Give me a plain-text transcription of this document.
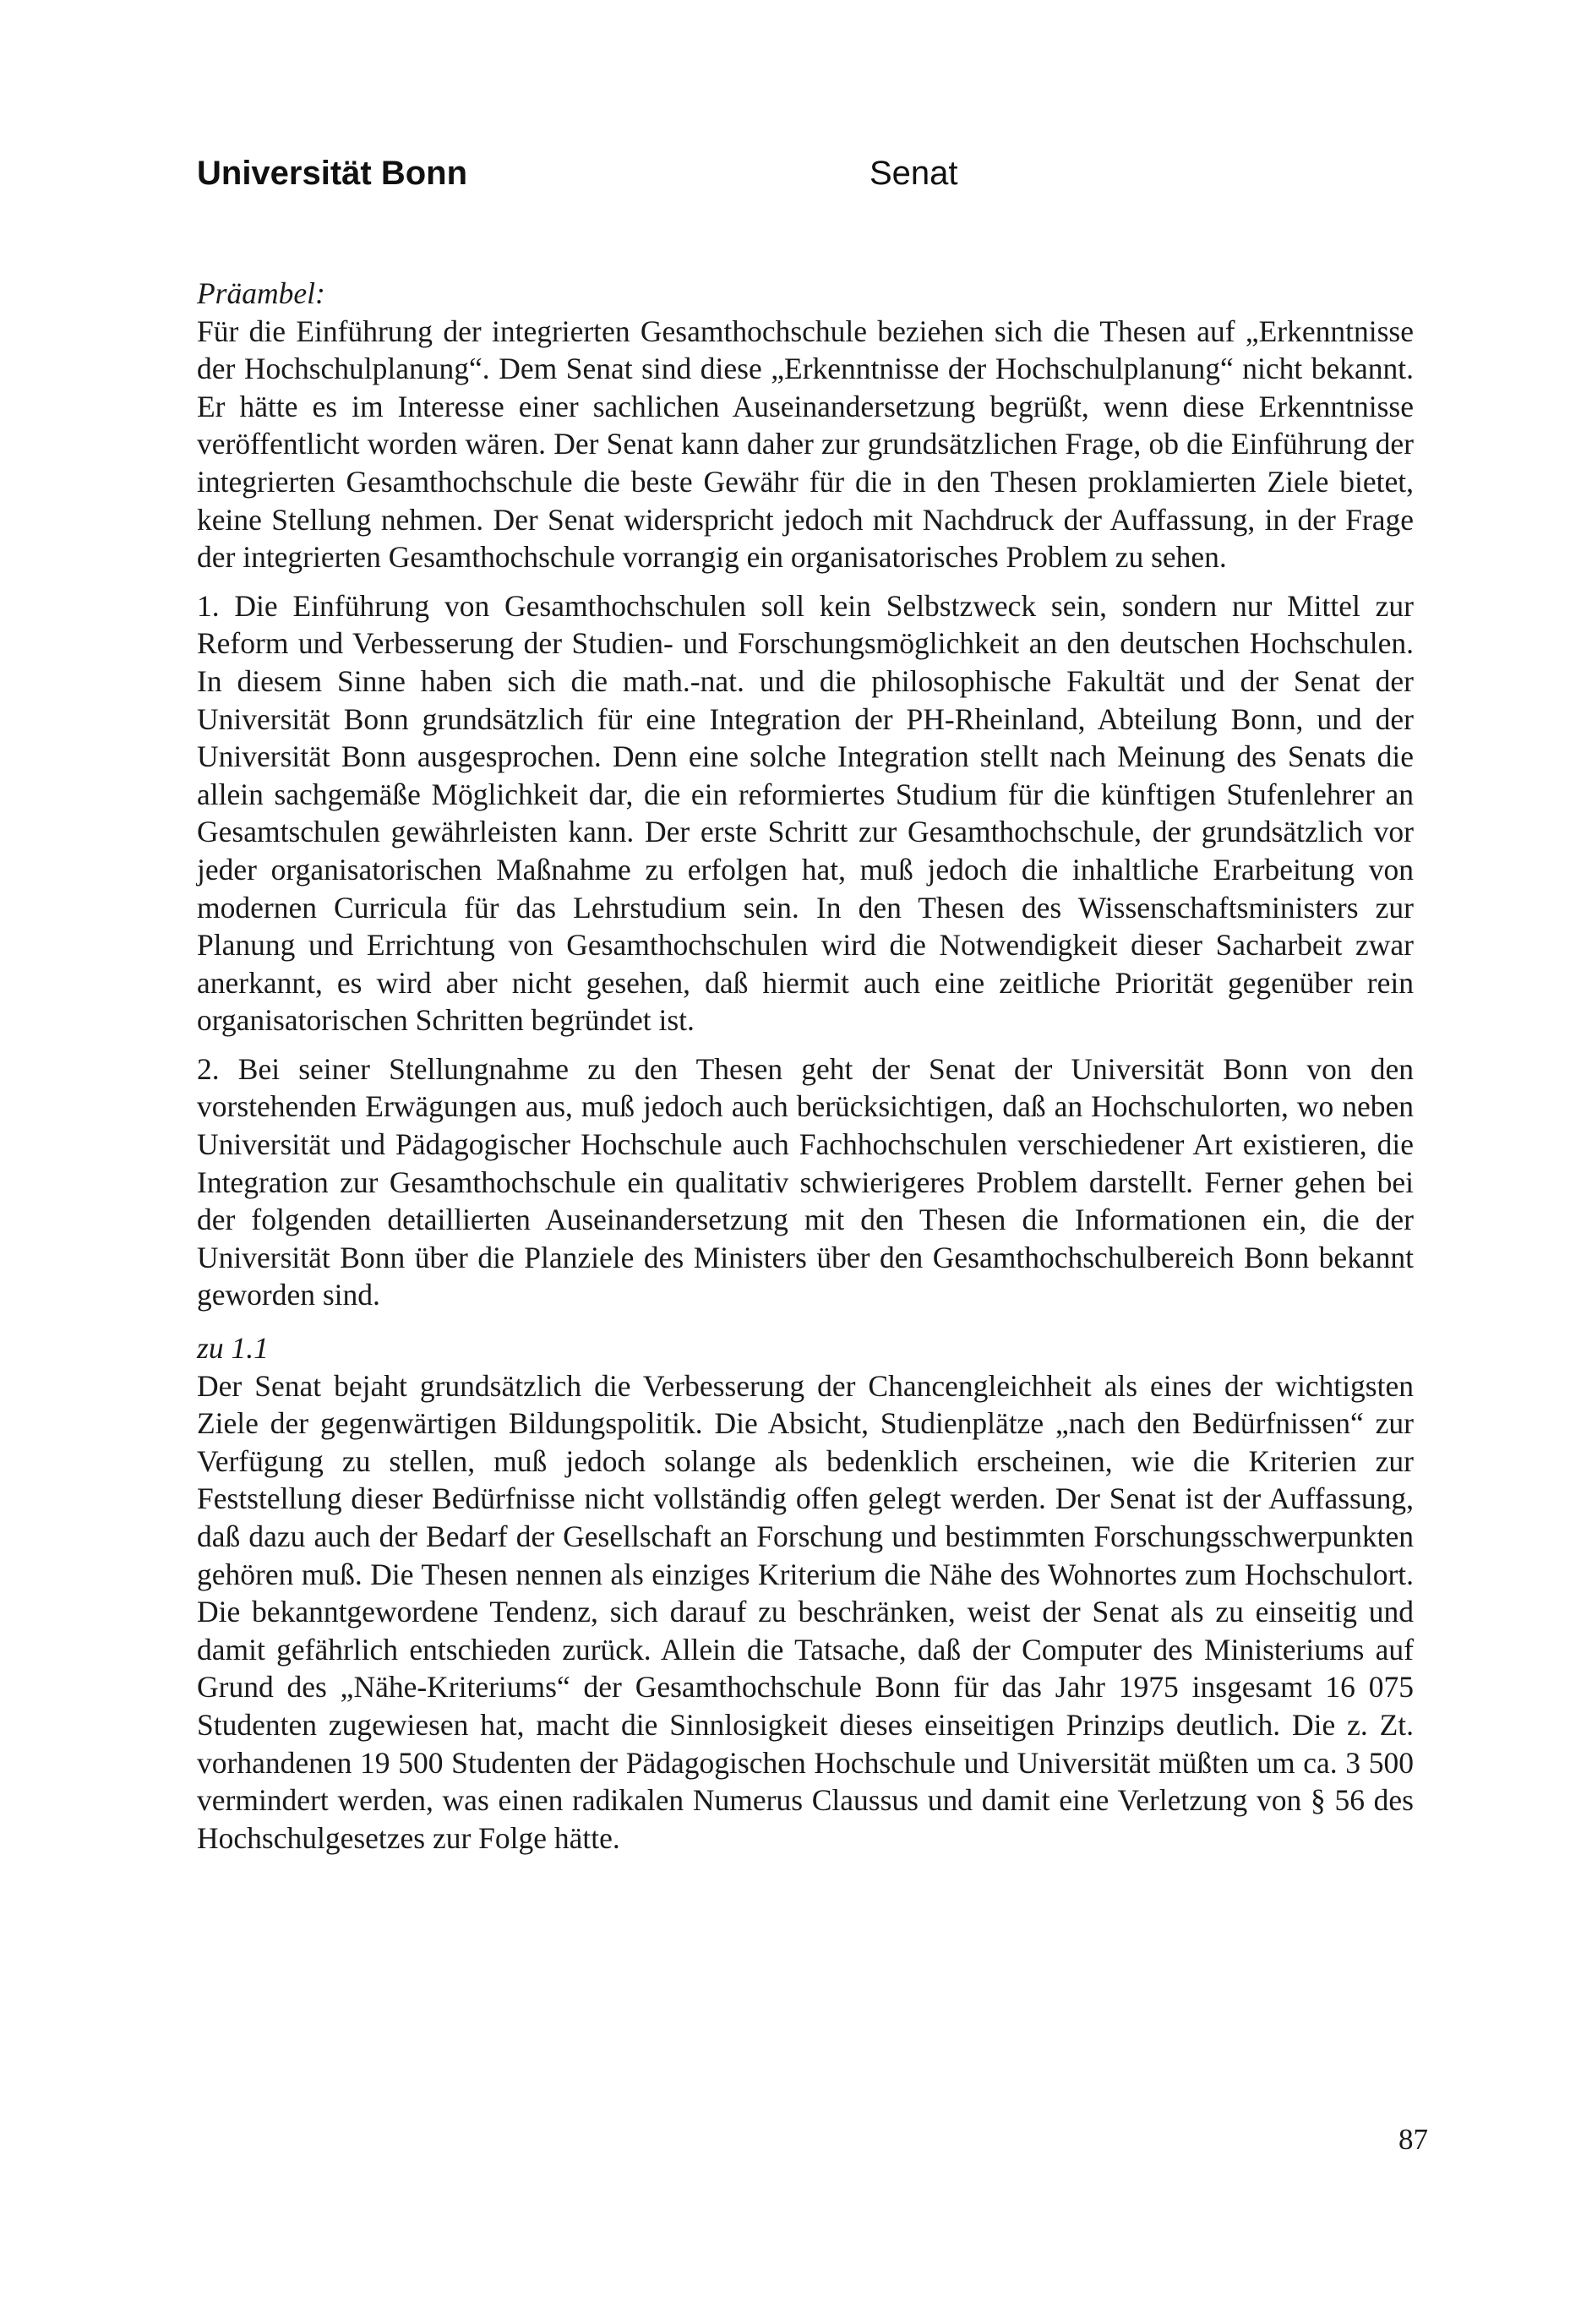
Universität Bonn	Senat

Präambel:

Für die Einführung der integrierten Gesamthochschule beziehen sich die Thesen auf „Erkenntnisse der Hochschulplanung“. Dem Senat sind diese „Erkenntnisse der Hochschulplanung“ nicht bekannt. Er hätte es im Interesse einer sachlichen Auseinandersetzung begrüßt, wenn diese Erkenntnisse veröffentlicht worden wären. Der Senat kann daher zur grundsätzlichen Frage, ob die Einführung der integrierten Gesamthochschule die beste Gewähr für die in den Thesen proklamierten Ziele bietet, keine Stellung nehmen. Der Senat widerspricht jedoch mit Nachdruck der Auffassung, in der Frage der integrierten Gesamthochschule vorrangig ein organisatorisches Problem zu sehen.

1. Die Einführung von Gesamthochschulen soll kein Selbstzweck sein, sondern nur Mittel zur Reform und Verbesserung der Studien- und Forschungsmöglichkeit an den deutschen Hochschulen. In diesem Sinne haben sich die math.-nat. und die philosophische Fakultät und der Senat der Universität Bonn grundsätzlich für eine Integration der PH-Rheinland, Abteilung Bonn, und der Universität Bonn ausgesprochen. Denn eine solche Integration stellt nach Meinung des Senats die allein sachgemäße Möglichkeit dar, die ein reformiertes Studium für die künftigen Stufenlehrer an Gesamtschulen gewährleisten kann. Der erste Schritt zur Gesamthochschule, der grundsätzlich vor jeder organisatorischen Maßnahme zu erfolgen hat, muß jedoch die inhaltliche Erarbeitung von modernen Curricula für das Lehrstudium sein. In den Thesen des Wissenschaftsministers zur Planung und Errichtung von Gesamthochschulen wird die Notwendigkeit dieser Sacharbeit zwar anerkannt, es wird aber nicht gesehen, daß hiermit auch eine zeitliche Priorität gegenüber rein organisatorischen Schritten begründet ist.

2. Bei seiner Stellungnahme zu den Thesen geht der Senat der Universität Bonn von den vorstehenden Erwägungen aus, muß jedoch auch berücksichtigen, daß an Hochschulorten, wo neben Universität und Pädagogischer Hochschule auch Fachhochschulen verschiedener Art existieren, die Integration zur Gesamthochschule ein qualitativ schwierigeres Problem darstellt. Ferner gehen bei der folgenden detaillierten Auseinandersetzung mit den Thesen die Informationen ein, die der Universität Bonn über die Planziele des Ministers über den Gesamthochschulbereich Bonn bekannt geworden sind.

zu 1.1

Der Senat bejaht grundsätzlich die Verbesserung der Chancengleichheit als eines der wichtigsten Ziele der gegenwärtigen Bildungspolitik. Die Absicht, Studienplätze „nach den Bedürfnissen“ zur Verfügung zu stellen, muß jedoch solange als bedenklich erscheinen, wie die Kriterien zur Feststellung dieser Bedürfnisse nicht vollständig offen gelegt werden. Der Senat ist der Auffassung, daß dazu auch der Bedarf der Gesellschaft an Forschung und bestimmten Forschungsschwerpunkten gehören muß. Die Thesen nennen als einziges Kriterium die Nähe des Wohnortes zum Hochschulort. Die bekanntgewordene Tendenz, sich darauf zu beschränken, weist der Senat als zu einseitig und damit gefährlich entschieden zurück. Allein die Tatsache, daß der Computer des Ministeriums auf Grund des „Nähe-Kriteriums“ der Gesamthochschule Bonn für das Jahr 1975 insgesamt 16 075 Studenten zugewiesen hat, macht die Sinnlosigkeit dieses einseitigen Prinzips deutlich. Die z. Zt. vorhandenen 19 500 Studenten der Pädagogischen Hochschule und Universität müßten um ca. 3 500 vermindert werden, was einen radikalen Numerus Claussus und damit eine Verletzung von § 56 des Hochschulgesetzes zur Folge hätte.

87
